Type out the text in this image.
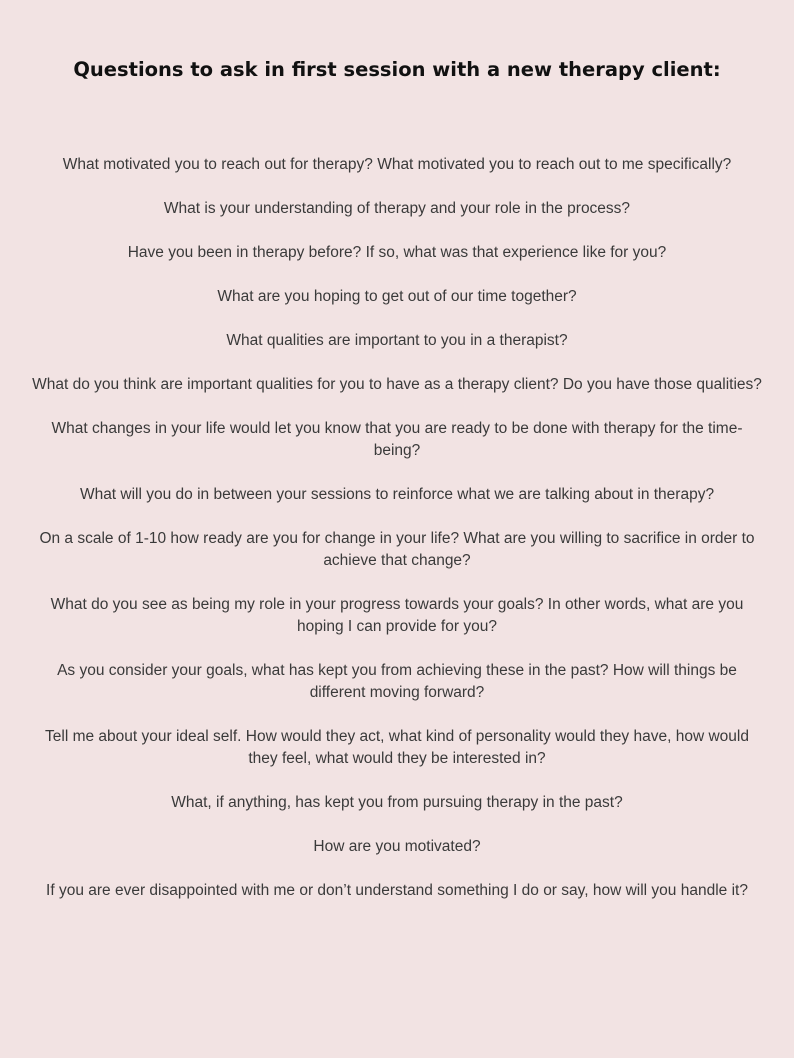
Questions to ask in first session with a new therapy client:
What motivated you to reach out for therapy? What motivated you to reach out to me specifically?
What is your understanding of therapy and your role in the process?
Have you been in therapy before? If so, what was that experience like for you?
What are you hoping to get out of our time together?
What qualities are important to you in a therapist?
What do you think are important qualities for you to have as a therapy client? Do you have those qualities?
What changes in your life would let you know that you are ready to be done with therapy for the time-being?
What will you do in between your sessions to reinforce what we are talking about in therapy?
On a scale of 1-10 how ready are you for change in your life? What are you willing to sacrifice in order to achieve that change?
What do you see as being my role in your progress towards your goals? In other words, what are you hoping I can provide for you?
As you consider your goals, what has kept you from achieving these in the past? How will things be different moving forward?
Tell me about your ideal self. How would they act, what kind of personality would they have, how would they feel, what would they be interested in?
What, if anything, has kept you from pursuing therapy in the past?
How are you motivated?
If you are ever disappointed with me or don’t understand something I do or say, how will you handle it?
